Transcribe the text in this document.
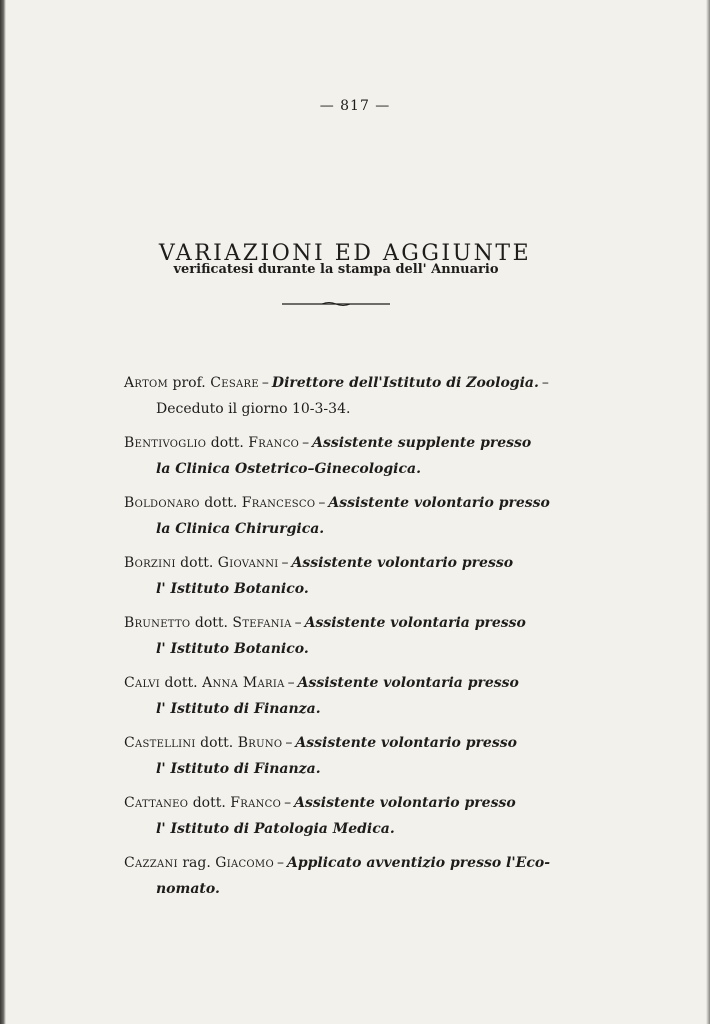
— 817 —
VARIAZIONI ED AGGIUNTE
verificatesi durante la stampa dell' Annuario
Artom prof. Cesare – Direttore dell'Istituto di Zoologia. –
Deceduto il giorno 10-3-34.
Bentivoglio dott. Franco – Assistente supplente presso
la Clinica Ostetrico–Ginecologica.
Boldonaro dott. Francesco – Assistente volontario presso
la Clinica Chirurgica.
Borzini dott. Giovanni – Assistente volontario presso
l' Istituto Botanico.
Brunetto dott. Stefania – Assistente volontaria presso
l' Istituto Botanico.
Calvi dott. Anna Maria – Assistente volontaria presso
l' Istituto di Finanza.
Castellini dott. Bruno – Assistente volontario presso
l' Istituto di Finanza.
Cattaneo dott. Franco – Assistente volontario presso
l' Istituto di Patologia Medica.
Cazzani rag. Giacomo – Applicato avventizio presso l'Eco-
nomato.
